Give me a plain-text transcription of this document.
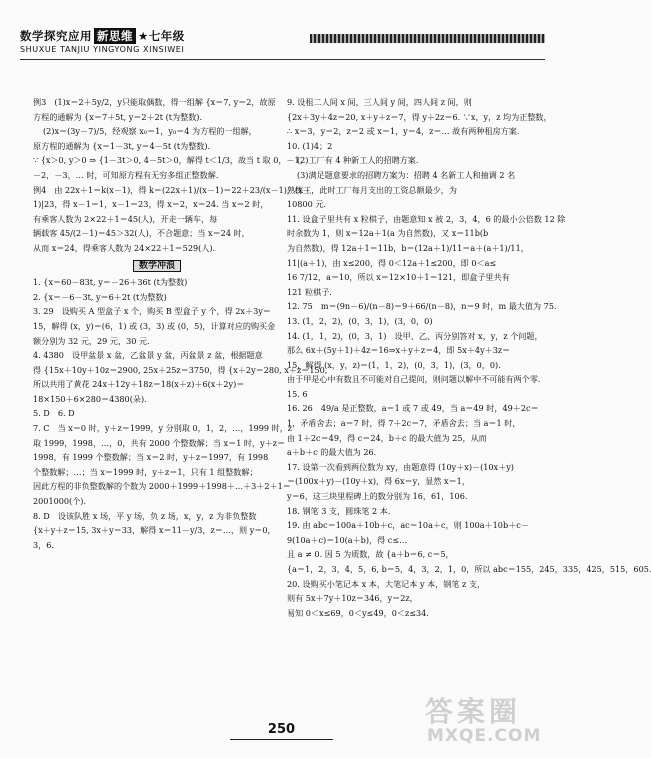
数学探究应用 新思维 ★七年级
SHUXUE TANJIU YINGYONG XINSIWEI

例3　(1)x＝2＋5y/2，y只能取偶数，得一组解 {x＝7, y＝2，故原

方程的通解为 {x＝7＋5t, y＝2＋2t (t为整数).

(2)x＝(3y－7)/5，经观察 x₀＝1，y₀＝4 为方程的一组解，

原方程的通解为 {x＝1－3t, y＝4－5t (t为整数).

∵ {x＞0, y＞0 ⇒ {1－3t＞0, 4－5t＞0，解得 t＜1/3，故当 t 取 0，－1，

－2，－3，… 时，可知原方程有无穷多组正整数解.

例4　由 22x＋1＝k(x－1)，得 k＝(22x＋1)/(x－1)＝22＋23/(x－1)，(x－

1)|23，得 x－1＝1，x－1＝23，得 x＝2，x＝24. 当 x＝2 时，

有乘客人数为 2×22＋1＝45(人)，开走一辆车，每

辆载客 45/(2－1)＝45＞32(人)，不合题意；当 x＝24 时，

从而 x＝24，得乘客人数为 24×22＋1＝529(人).

数学冲浪

1. {x＝60－83t, y＝－26＋36t (t为整数)

2. {x＝－6－3t, y＝6＋2t (t为整数)

3. 29　设购买 A 型盒子 x 个，购买 B 型盒子 y 个，得 2x＋3y＝

15，解得 (x，y)＝(6，1) 或 (3，3) 或 (0，5)，计算对应的购买金

额分别为 32 元，29 元，30 元.

4. 4380　设甲盆景 x 盆，乙盆景 y 盆，丙盆景 z 盆，根据题意

得 {15x＋10y＋10z＝2900, 25x＋25z＝3750，得 {x＋2y＝280, x＋z＝150,

所以共用了黄花 24x＋12y＋18z＝18(x＋z)＋6(x＋2y)＝

18×150＋6×280＝4380(朵).

5. D　6. D

7. C　当 x＝0 时，y＋z＝1999，y 分别取 0，1，2，…，1999 时，z

取 1999，1998，…，0，共有 2000 个整数解；当 x＝1 时，y＋z＝

1998，有 1999 个整数解；当 x＝2 时，y＋z＝1997，有 1998

个整数解；…；当 x＝1999 时，y＋z＝1，只有 1 组整数解；

因此方程的非负整数解的个数为 2000＋1999＋1998＋…＋3＋2＋1＝

2001000(个).

8. D　设该队胜 x 场，平 y 场，负 z 场，x，y，z 为非负整数

{x＋y＋z＝15, 3x＋y＝33，解得 x＝11－y/3，z＝…，则 y＝0，

3，6.

9. 设租二人间 x 间，三人间 y 间，四人间 z 间，则

{2x＋3y＋4z＝20, x＋y＋z＝7，得 y＋2z＝6. ∵x，y，z 均为正整数，

∴ x＝3，y＝2，z＝2 或 x＝1，y＝4，z＝… 故有两种租房方案.

10. (1)4；2

(2)工厂有 4 种新工人的招聘方案.

(3)满足题意要求的招聘方案为：招聘 4 名新工人和抽调 2 名

熟练工，此时工厂每月支出的工资总额最少，为

10800 元.

11. 设盒子里共有 x 粒棋子，由题意知 x 被 2，3，4，6 的最小公倍数 12 除

时余数为 1，则 x＝12a＋1(a 为自然数)，又 x＝11b(b

为自然数)，得 12a＋1＝11b，b＝(12a＋1)/11＝a＋(a＋1)/11，

11|(a＋1)，由 x≤200，得 0＜12a＋1≤200，即 0＜a≤

16 7/12，a＝10，所以 x＝12×10＋1＝121，即盒子里共有

121 粒棋子.

12. 75　m＝(9n－6)/(n－8)＝9＋66/(n－8)，n＝9 时，m 最大值为 75.

13. (1，2，2)，(0，3，1)，(3，0，0)

14. (1，1，2)，(0，3，1)　设甲、乙、丙分别答对 x，y，z 个问题，

那么 6x＋(5y＋1)＋4z＝16⇒x＋y＋z＝4，即 5x＋4y＋3z＝

15，解得 (x，y，z)＝(1，1，2)，(0，3，1)，(3，0，0).

由于甲是心中有数且不可能对自己提问，则问题以解中不可能有两个零.

15. 6

16. 26　49/a 是正整数，a＝1 或 7 或 49，当 a＝49 时，49＋2c＝

1，矛盾舍去；a＝7 时，得 7＋2c＝7，矛盾舍去；当 a＝1 时，

由 1＋2c＝49，得 c＝24，b＋c 的最大值为 25，从而

a＋b＋c 的最大值为 26.

17. 设第一次看到两位数为 xy，由题意得 (10y＋x)－(10x＋y)

＝(100x＋y)－(10y＋x)，得 6x＝y，显然 x＝1，

y＝6，这三块里程碑上的数分别为 16，61，106.

18. 钢笔 3 支，圆珠笔 2 本.

19. 由 abc＝100a＋10b＋c，ac＝10a＋c，则 100a＋10b＋c－

9(10a＋c)＝10(a＋b)，得 c≤…

且 a ≠ 0. 因 5 为质数，故 {a＋b＝6, c＝5，

{a＝1，2，3，4，5，6, b＝5，4，3，2，1，0，所以 abc＝155，245，335，425，515，605.

20. 设购买小笔记本 x 本，大笔记本 y 本，钢笔 z 支，

则有 5x＋7y＋10z＝346，y＝2z，

易知 0＜x≤69，0＜y≤49，0＜z≤34.

250
答案圈
MXQE.COM
